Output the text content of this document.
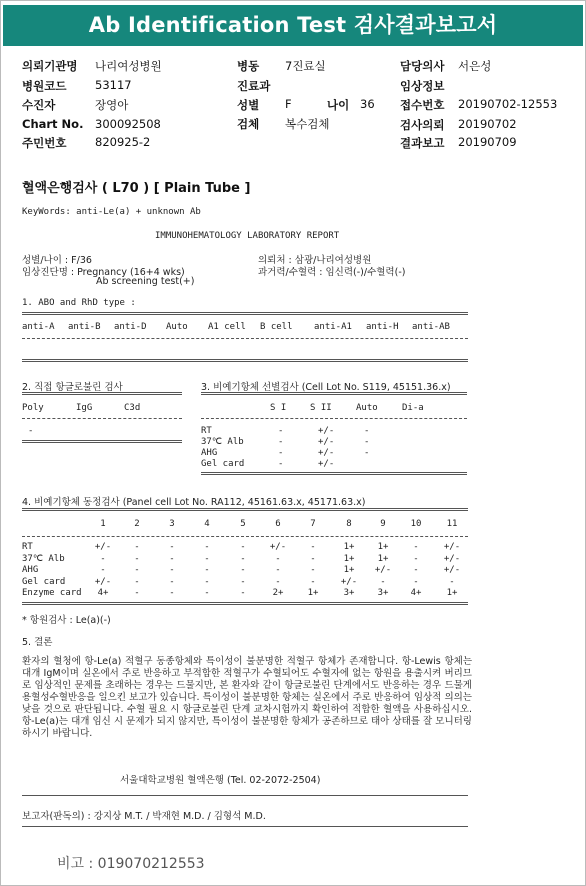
Ab Identification Test 검사결과보고서
의뢰기관명 나리여성병원
병원코드 53117
수진자	장영아
Chart No. 300092508
주민번호 820925-2
병동 7진료실
진료과
성별 F	나이 36
검체 복수검체
담당의사 서은성
임상정보
접수번호 20190702-12553
검사의뢰 20190702
결과보고 20190709
혈액은행검사 ( L70 ) [ Plain Tube ]
KeyWords: anti-Le(a) + unknown Ab
IMMUNOHEMATOLOGY LABORATORY REPORT
성별/나이 : F/36
임상진단명 : Pregnancy (16+4 wks)
Ab screening test(+)
의뢰처 : 삼광/나리여성병원
과거력/수혈력 : 임신력(-)/수혈력(-)
1. ABO and RhD type :
anti-A anti-B anti-D Auto A1 cell B cell anti-A1 anti-H anti-AB
2. 직접 항글로불린 검사
Poly	IgG	C3d
-
3. 비예기항체 선별검사 (Cell Lot No. S119, 45151.36.x)
S I	S II	Auto	Di-a
RT	-	+/-	-
37℃ Alb	-	+/-	-
AHG	-	+/-	-
Gel card	-	+/-
4. 비예기항체 동정검사 (Panel cell Lot No. RA112, 45161.63.x, 45171.63.x)
1	2	3	4	5	6	7	8	9	10	11
RT	+/-	-	-	-	-	+/-	-	1+	1+	-	+/-
37℃ Alb	-	-	-	-	-	-	-	1+	1+	-	+/-
AHG	-	-	-	-	-	-	-	1+	+/-	-	+/-
Gel card	+/-	-	-	-	-	-	-	+/-	-	-	-
Enzyme card	4+	-	-	-	-	2+	1+	3+	3+	4+	1+
* 항원검사 : Le(a)(-)
5. 결론
환자의 혈청에 항-Le(a) 적혈구 동종항체와 특이성이 불분명한 적혈구 항체가 존재합니다. 항-Lewis 항체는 대개 IgM이며 실온에서 주로 반응하고 부적합한 적혈구가 수혈되어도 수혈자에 없는 항원을 용출시켜 버리므로 임상적인 문제를 초래하는 경우는 드물지만, 본 환자와 같이 항글로불린 단계에서도 반응하는 경우 드물게 용혈성수혈반응을 일으킨 보고가 있습니다. 특이성이 불분명한 항체는 실온에서 주로 반응하여 임상적 의의는 낮을 것으로 판단됩니다. 수혈 필요 시 항글로불린 단계 교차시험까지 확인하여 적합한 혈액을 사용하십시오. 항-Le(a)는 대개 임신 시 문제가 되지 않지만, 특이성이 불분명한 항체가 공존하므로 태아 상태를 잘 모니터링 하시기 바랍니다.
서울대학교병원 혈액은행 (Tel. 02-2072-2504)
보고자(판독의) : 강지상 M.T. / 박재현 M.D. / 김형석 M.D.
비고 : 019070212553
